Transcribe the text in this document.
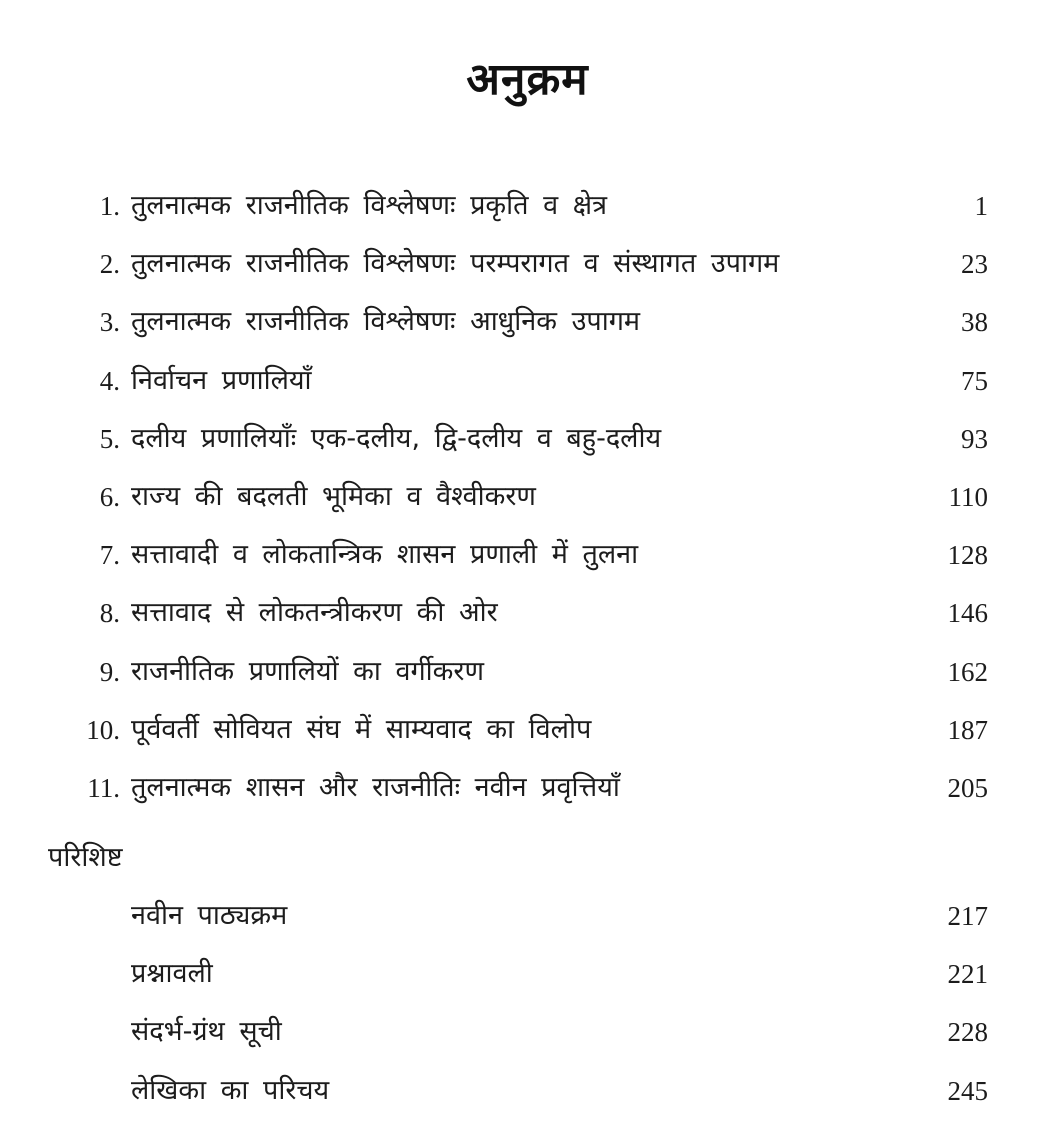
अनुक्रम
1. तुलनात्मक राजनीतिक विश्लेषणः प्रकृति व क्षेत्र	1
2. तुलनात्मक राजनीतिक विश्लेषणः परम्परागत व संस्थागत उपागम	23
3. तुलनात्मक राजनीतिक विश्लेषणः आधुनिक उपागम	38
4. निर्वाचन प्रणालियाँ	75
5. दलीय प्रणालियाँः एक-दलीय, द्वि-दलीय व बहु-दलीय	93
6. राज्य की बदलती भूमिका व वैश्वीकरण	110
7. सत्तावादी व लोकतान्त्रिक शासन प्रणाली में तुलना	128
8. सत्तावाद से लोकतन्त्रीकरण की ओर	146
9. राजनीतिक प्रणालियों का वर्गीकरण	162
10. पूर्ववर्ती सोवियत संघ में साम्यवाद का विलोप	187
11. तुलनात्मक शासन और राजनीतिः नवीन प्रवृत्तियाँ	205
परिशिष्ट
नवीन पाठ्यक्रम	217
प्रश्नावली	221
संदर्भ-ग्रंथ सूची	228
लेखिका का परिचय	245
